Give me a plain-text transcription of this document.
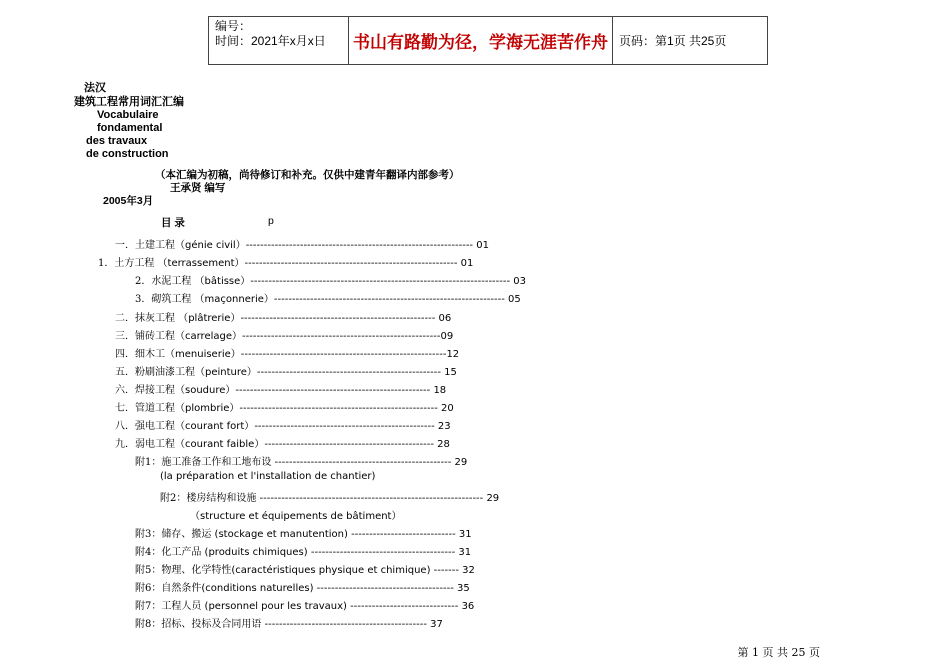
编号：
时间：2021年x月x日	书山有路勤为径，学海无涯苦作舟 页码：第1页 共25页
法汉
建筑工程常用词汇汇编
Vocabulaire
fondamental
des travaux
de construction
（本汇编为初稿，尚待修订和补充。仅供中建青年翻译内部参考）
王承贤 编写
2005年3月
目 录	p
一．土建工程（génie civil）--------------------------------------------------------------- 01
1．土方工程 （terrassement）----------------------------------------------------------- 01
2．水泥工程 （bâtisse）------------------------------------------------------------------------ 03
3．砌筑工程 （maçonnerie）---------------------------------------------------------------- 05
二．抹灰工程 （plâtrerie）------------------------------------------------------ 06
三．铺砖工程（carrelage）-------------------------------------------------------09
四．细木工（menuiserie）---------------------------------------------------------12
五．粉刷油漆工程（peinture）--------------------------------------------------- 15
六．焊接工程（soudure）------------------------------------------------------ 18
七．管道工程（plombrie）------------------------------------------------------- 20
八．强电工程（courant fort）-------------------------------------------------- 23
九．弱电工程（courant faible）----------------------------------------------- 28
附1：施工准备工作和工地布设 ------------------------------------------------- 29
(la préparation et l'installation de chantier)
附2：楼房结构和设施 -------------------------------------------------------------- 29
（structure et équipements de bâtiment）
附3：储存、搬运 (stockage et manutention) ----------------------------- 31
附4：化工产品 (produits chimiques) ---------------------------------------- 31
附5：物理、化学特性(caractéristiques physique et chimique) ------- 32
附6：自然条件(conditions naturelles) -------------------------------------- 35
附7：工程人员 (personnel pour les travaux) ------------------------------ 36
附8：招标、投标及合同用语 --------------------------------------------- 37
第 1 页 共 25 页
